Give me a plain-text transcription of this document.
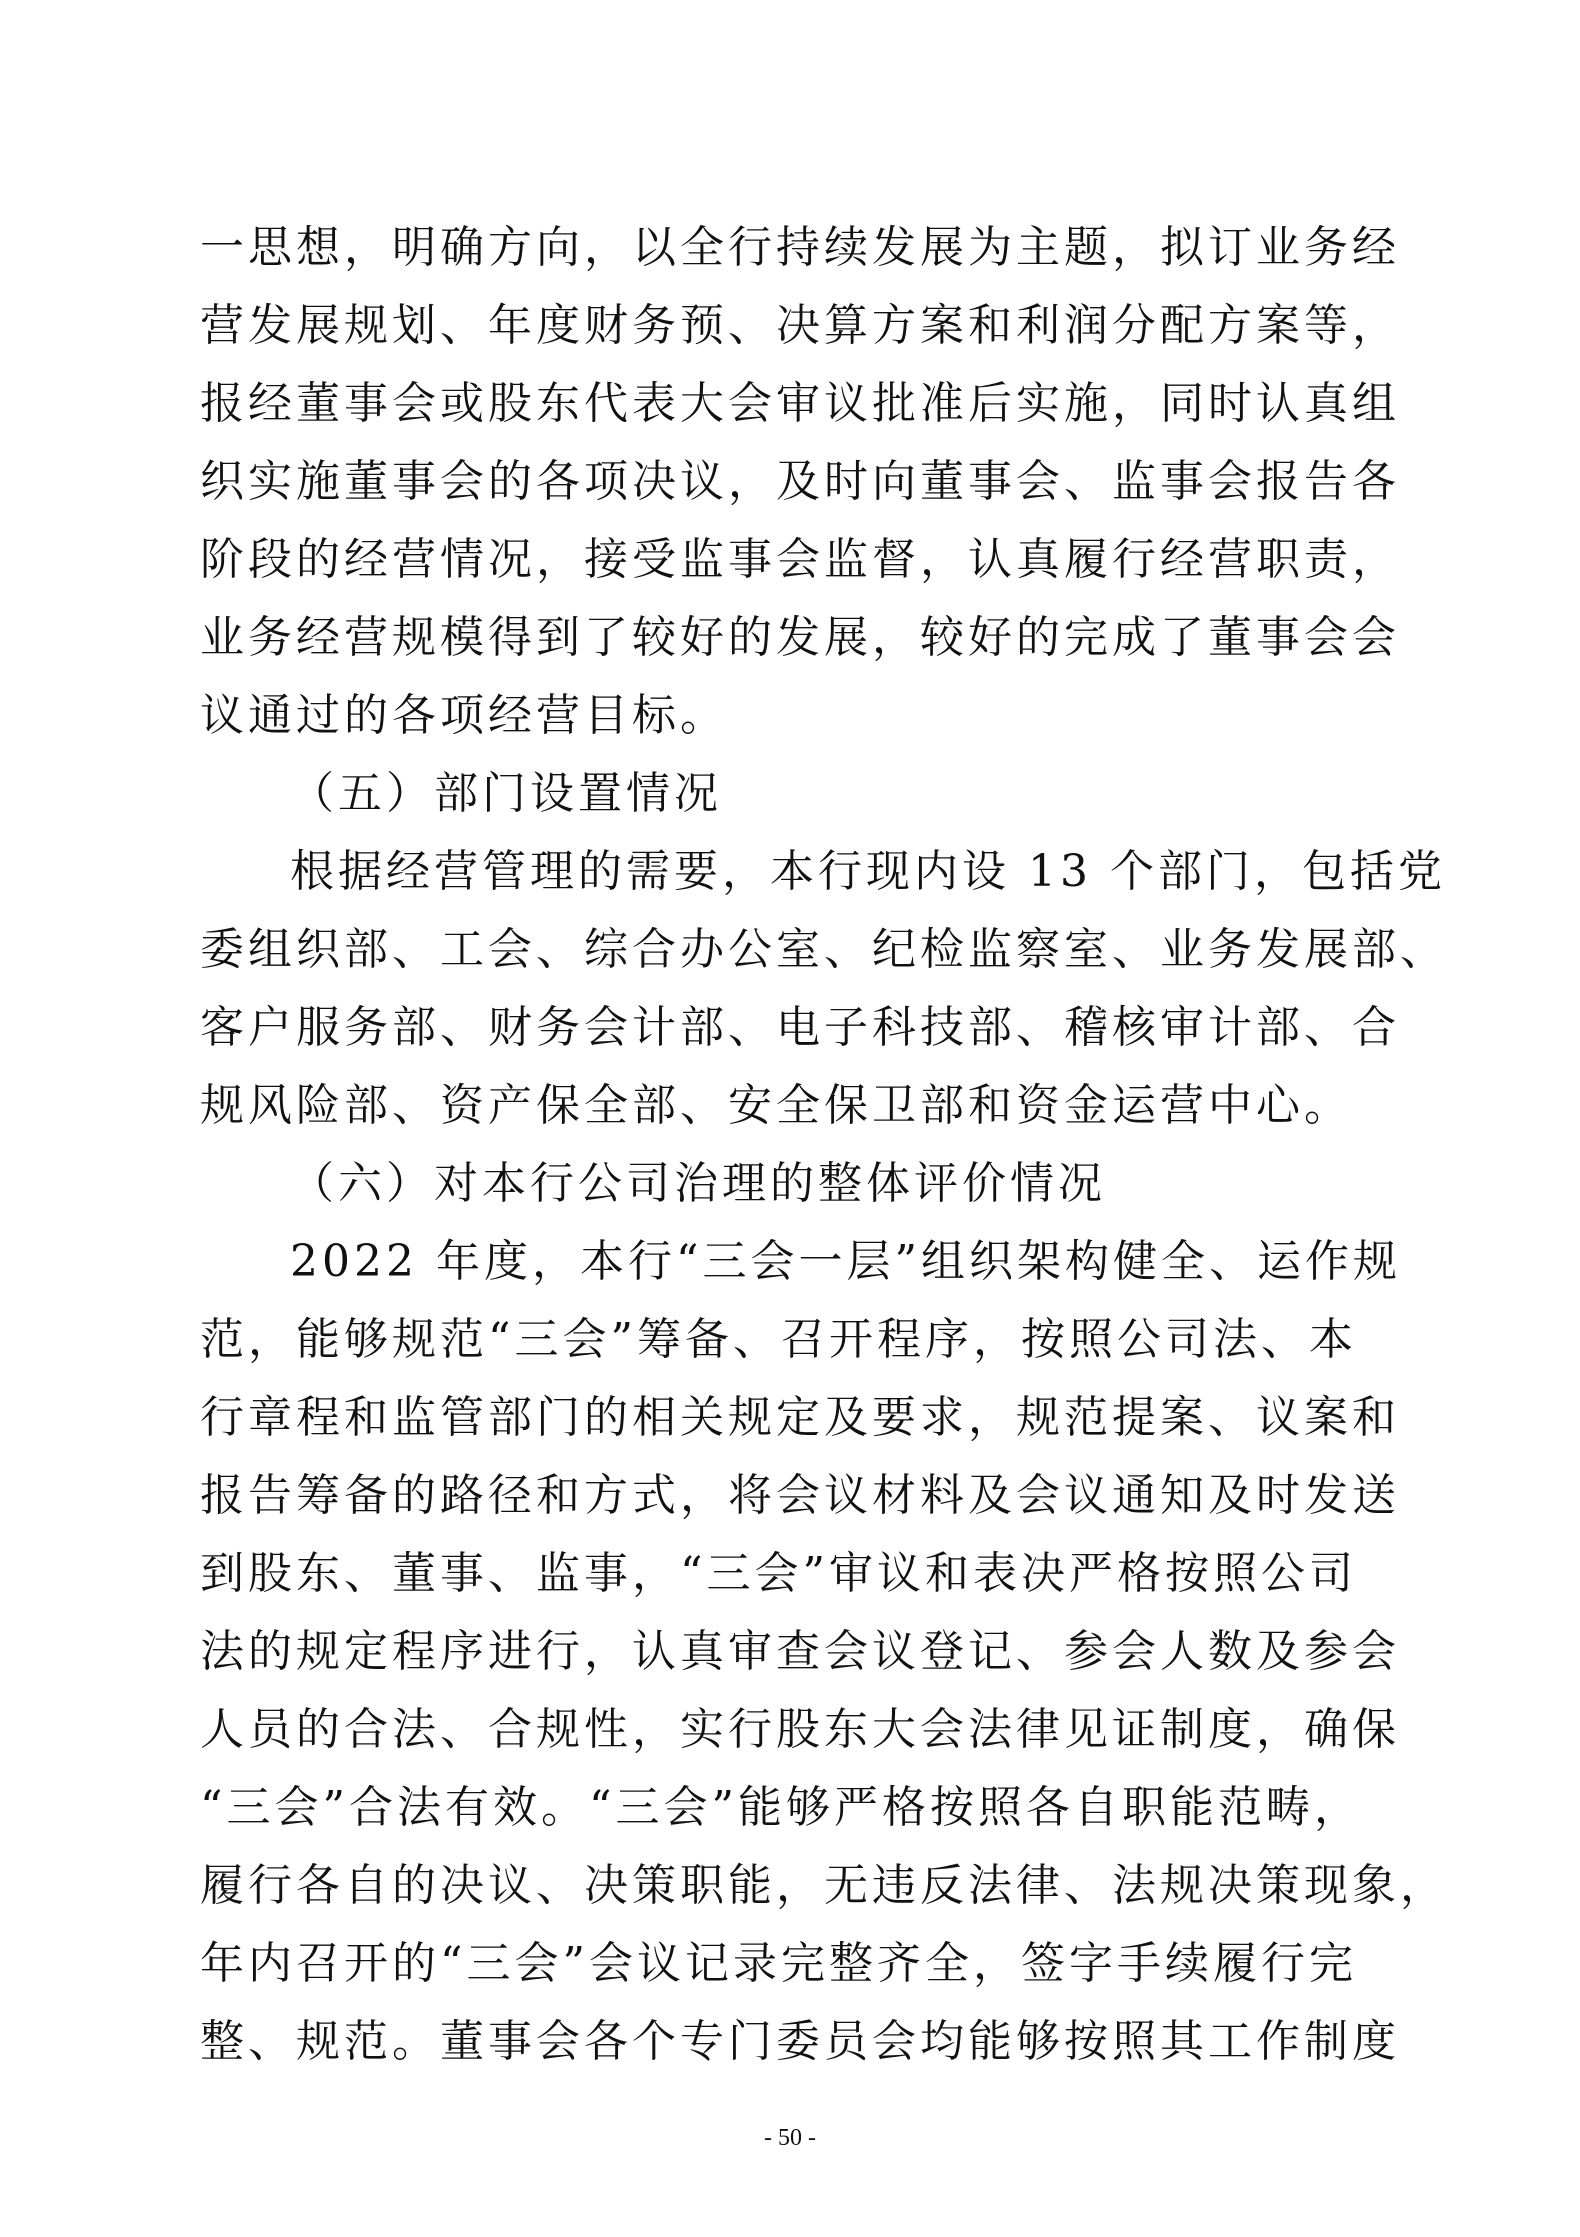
一思想，明确方向，以全行持续发展为主题，拟订业务经
营发展规划、年度财务预、决算方案和利润分配方案等，
报经董事会或股东代表大会审议批准后实施，同时认真组
织实施董事会的各项决议，及时向董事会、监事会报告各
阶段的经营情况，接受监事会监督，认真履行经营职责，
业务经营规模得到了较好的发展，较好的完成了董事会会
议通过的各项经营目标。
（五）部门设置情况
根据经营管理的需要，本行现内设 13 个部门，包括党
委组织部、工会、综合办公室、纪检监察室、业务发展部、
客户服务部、财务会计部、电子科技部、稽核审计部、合
规风险部、资产保全部、安全保卫部和资金运营中心。
（六）对本行公司治理的整体评价情况
2022 年度，本行“三会一层”组织架构健全、运作规
范，能够规范“三会”筹备、召开程序，按照公司法、本
行章程和监管部门的相关规定及要求，规范提案、议案和
报告筹备的路径和方式，将会议材料及会议通知及时发送
到股东、董事、监事，“三会”审议和表决严格按照公司
法的规定程序进行，认真审查会议登记、参会人数及参会
人员的合法、合规性，实行股东大会法律见证制度，确保
“三会”合法有效。“三会”能够严格按照各自职能范畴，
履行各自的决议、决策职能，无违反法律、法规决策现象，
年内召开的“三会”会议记录完整齐全，签字手续履行完
整、规范。董事会各个专门委员会均能够按照其工作制度
- 50 -
